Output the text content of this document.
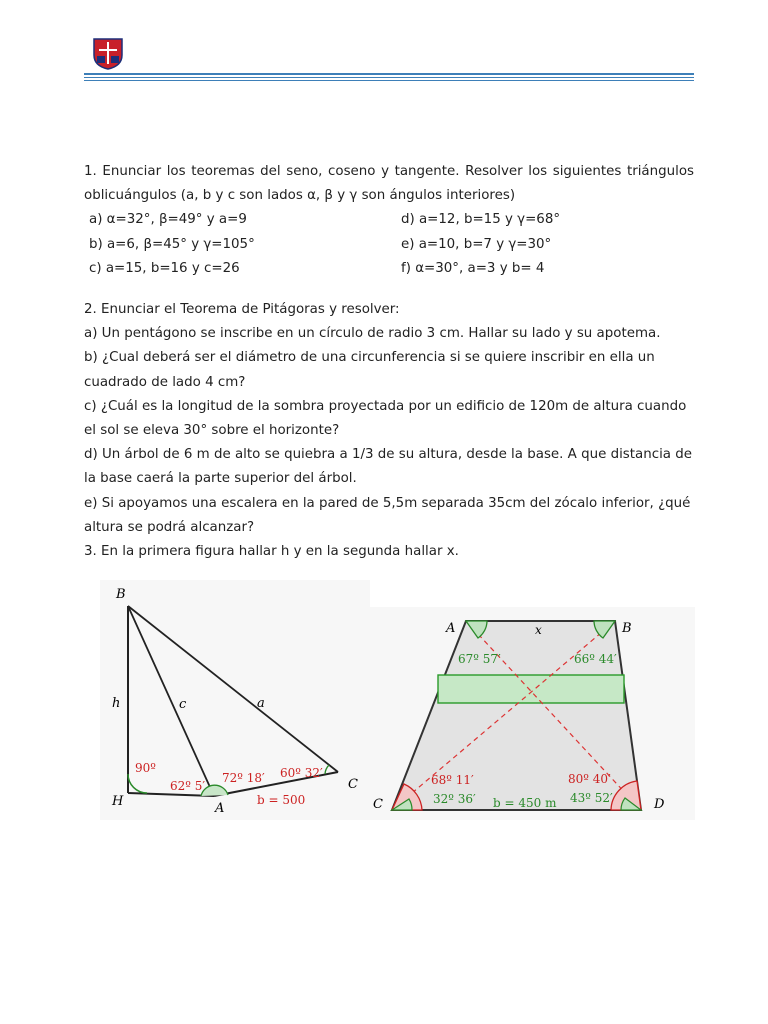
1. Enunciar los teoremas del seno, coseno y tangente. Resolver los siguientes triángulos oblicuángulos (a, b y c son lados α, β y γ son ángulos interiores)

a) α=32°, β=49° y a=9	d) a=12, b=15 y γ=68°
b) a=6, β=45° y γ=105°	e) a=10, b=7 y γ=30°
c) a=15, b=16 y c=26	f) α=30°, a=3 y b= 4

2. Enunciar el Teorema de Pitágoras y resolver:

a) Un pentágono se inscribe en un círculo de radio 3 cm. Hallar su lado y su apotema.

b) ¿Cual deberá ser el diámetro de una circunferencia si se quiere inscribir en ella un cuadrado de lado 4 cm?

c) ¿Cuál es la longitud de la sombra proyectada por un edificio de 120m de altura cuando el sol se eleva 30° sobre el horizonte?

d) Un árbol de 6 m de alto se quiebra a 1/3 de su altura, desde la base. A que distancia de la base caerá la parte superior del árbol.

e) Si apoyamos una escalera en la pared de 5,5m separada 35cm del zócalo inferior, ¿qué altura se podrá alcanzar?

3. En la primera figura hallar h y en la segunda hallar x.

B
H	A
C
h	c	a
90º
62º 5′
72º 18′ 60º 32′
b = 500
A	B
C	D
x
67º 57′	66º 44′
68º 11′
32º 36′
80º 40′
43º 52′
b = 450 m
